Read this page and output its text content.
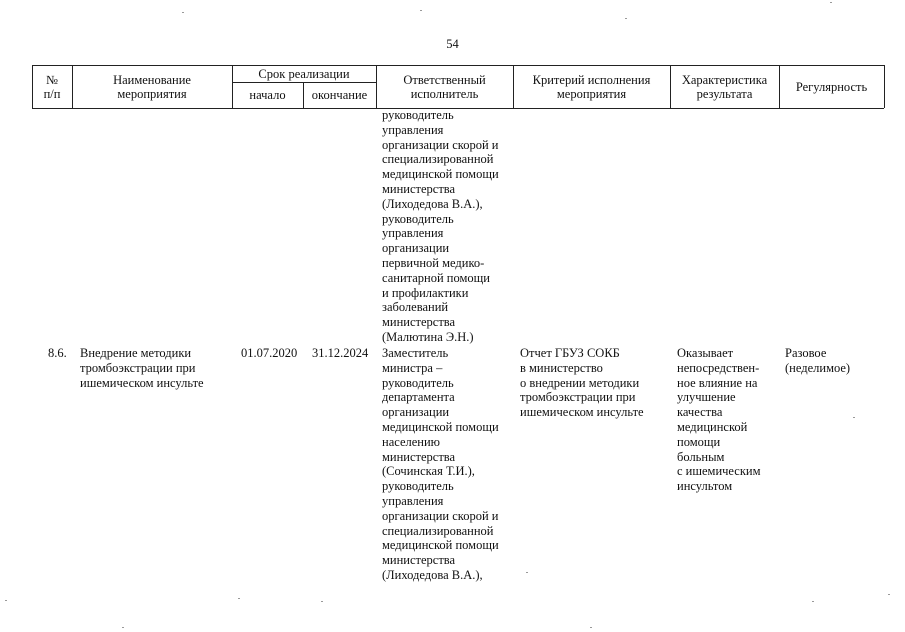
54
№
п/п
Наименование
мероприятия
Срок реализации
начало окончание
Ответственный
исполнитель
Критерий исполнения
мероприятия
Характеристика
результата	Регулярность
руководитель
управления
организации скорой и
специализированной
медицинской помощи
министерства
(Лиходедова В.А.),
руководитель
управления
организации
первичной медико-
санитарной помощи
и профилактики
заболеваний
министерства
(Малютина Э.Н.)
8.6. Внедрение методики
тромбоэкстрации при
ишемическом инсульте
01.07.2020 31.12.2024 Заместитель
министра –
руководитель
департамента
организации
медицинской помощи
населению
министерства
(Сочинская Т.И.),
руководитель
управления
организации скорой и
специализированной
медицинской помощи
министерства
(Лиходедова В.А.),
Отчет ГБУЗ СОКБ
в министерство
о внедрении методики
тромбоэкстрации при
ишемическом инсульте
Оказывает
непосредствен-
ное влияние на
улучшение
качества
медицинской
помощи
больным
с ишемическим
инсультом
Разовое
(неделимое)
